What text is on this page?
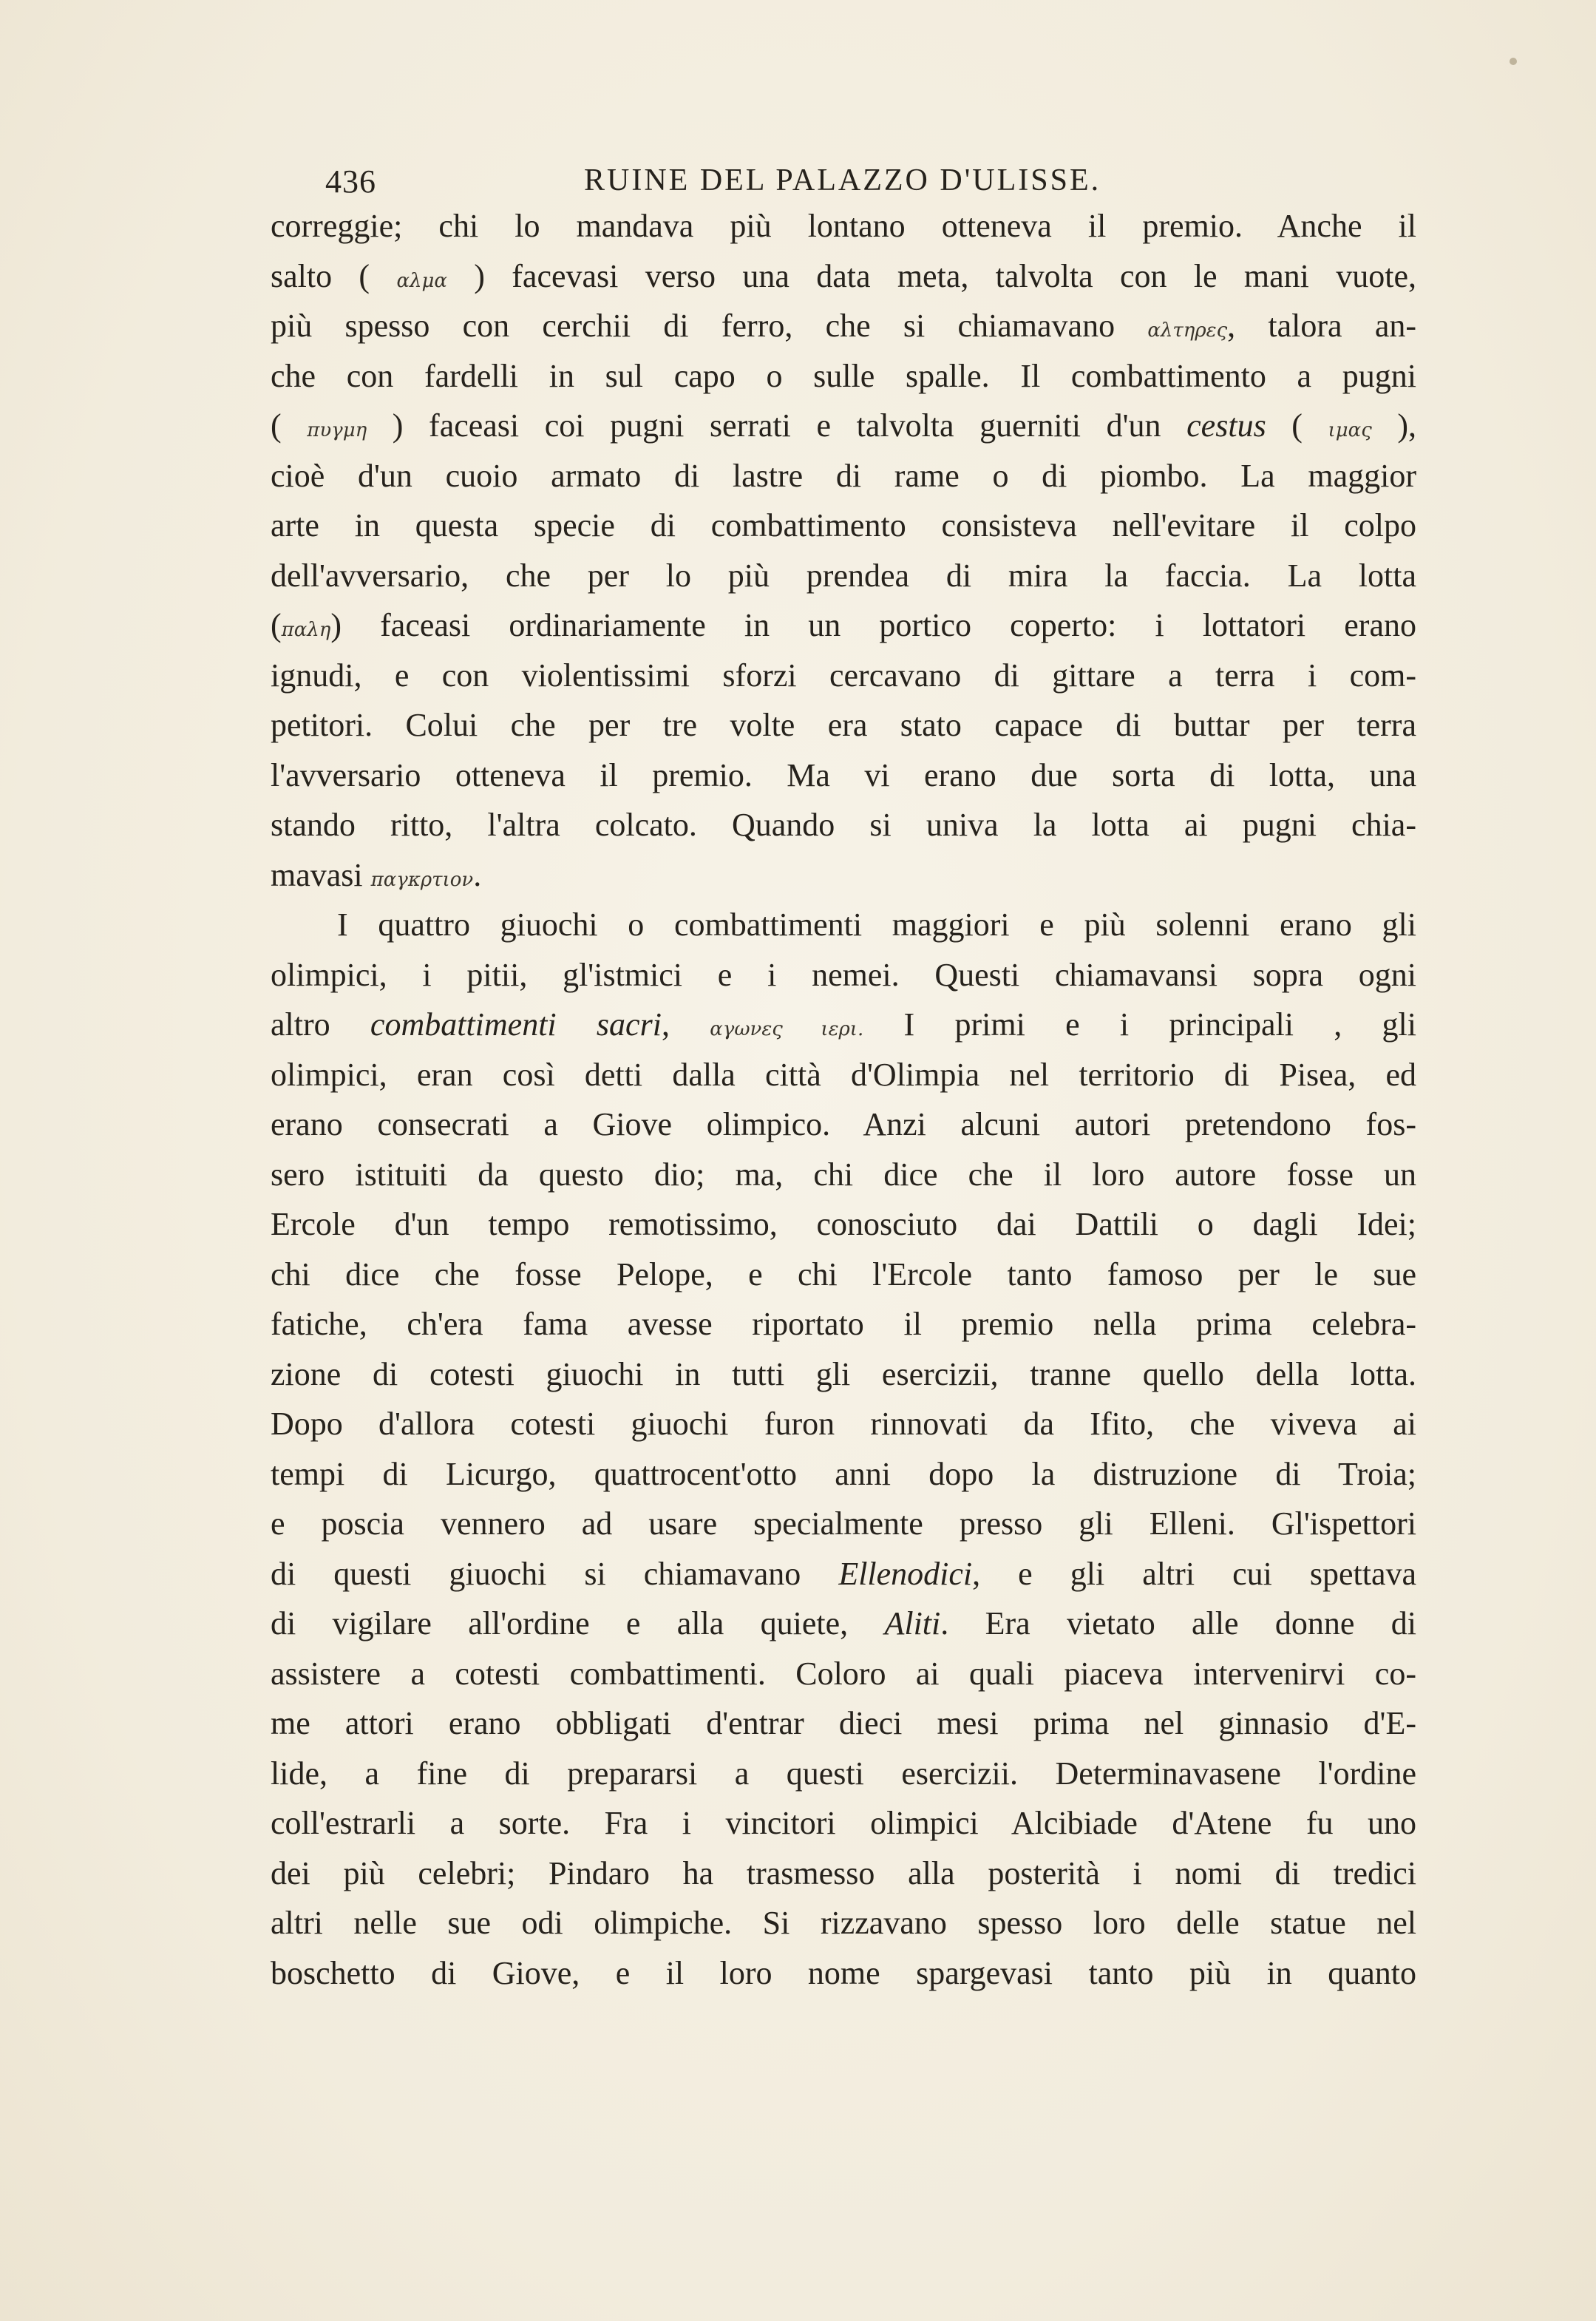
436	RUINE DEL PALAZZO D'ULISSE.
correggie; chi lo mandava più lontano otteneva il premio. Anche il
salto ( αλμα ) facevasi verso una data meta, talvolta con le mani vuote,
più spesso con cerchii di ferro, che si chiamavano αλτηρες, talora an-
che con fardelli in sul capo o sulle spalle. Il combattimento a pugni
( πυγμη ) faceasi coi pugni serrati e talvolta guerniti d'un cestus ( ιμας ),
cioè d'un cuoio armato di lastre di rame o di piombo. La maggior
arte in questa specie di combattimento consisteva nell'evitare il colpo
dell'avversario, che per lo più prendea di mira la faccia. La lotta
(παλη) faceasi ordinariamente in un portico coperto: i lottatori erano
ignudi, e con violentissimi sforzi cercavano di gittare a terra i com-
petitori. Colui che per tre volte era stato capace di buttar per terra
l'avversario otteneva il premio. Ma vi erano due sorta di lotta, una
stando ritto, l'altra colcato. Quando si univa la lotta ai pugni chia-
mavasi παγκρτιον.
I quattro giuochi o combattimenti maggiori e più solenni erano gli
olimpici, i pitii, gl'istmici e i nemei. Questi chiamavansi sopra ogni
altro combattimenti sacri, αγωνες ιερι. I primi e i principali , gli
olimpici, eran così detti dalla città d'Olimpia nel territorio di Pisea, ed
erano consecrati a Giove olimpico. Anzi alcuni autori pretendono fos-
sero istituiti da questo dio; ma, chi dice che il loro autore fosse un
Ercole d'un tempo remotissimo, conosciuto dai Dattili o dagli Idei;
chi dice che fosse Pelope, e chi l'Ercole tanto famoso per le sue
fatiche, ch'era fama avesse riportato il premio nella prima celebra-
zione di cotesti giuochi in tutti gli esercizii, tranne quello della lotta.
Dopo d'allora cotesti giuochi furon rinnovati da Ifito, che viveva ai
tempi di Licurgo, quattrocent'otto anni dopo la distruzione di Troia;
e poscia vennero ad usare specialmente presso gli Elleni. Gl'ispettori
di questi giuochi si chiamavano Ellenodici, e gli altri cui spettava
di vigilare all'ordine e alla quiete, Aliti. Era vietato alle donne di
assistere a cotesti combattimenti. Coloro ai quali piaceva intervenirvi co-
me attori erano obbligati d'entrar dieci mesi prima nel ginnasio d'E-
lide, a fine di prepararsi a questi esercizii. Determinavasene l'ordine
coll'estrarli a sorte. Fra i vincitori olimpici Alcibiade d'Atene fu uno
dei più celebri; Pindaro ha trasmesso alla posterità i nomi di tredici
altri nelle sue odi olimpiche. Si rizzavano spesso loro delle statue nel
boschetto di Giove, e il loro nome spargevasi tanto più in quanto
